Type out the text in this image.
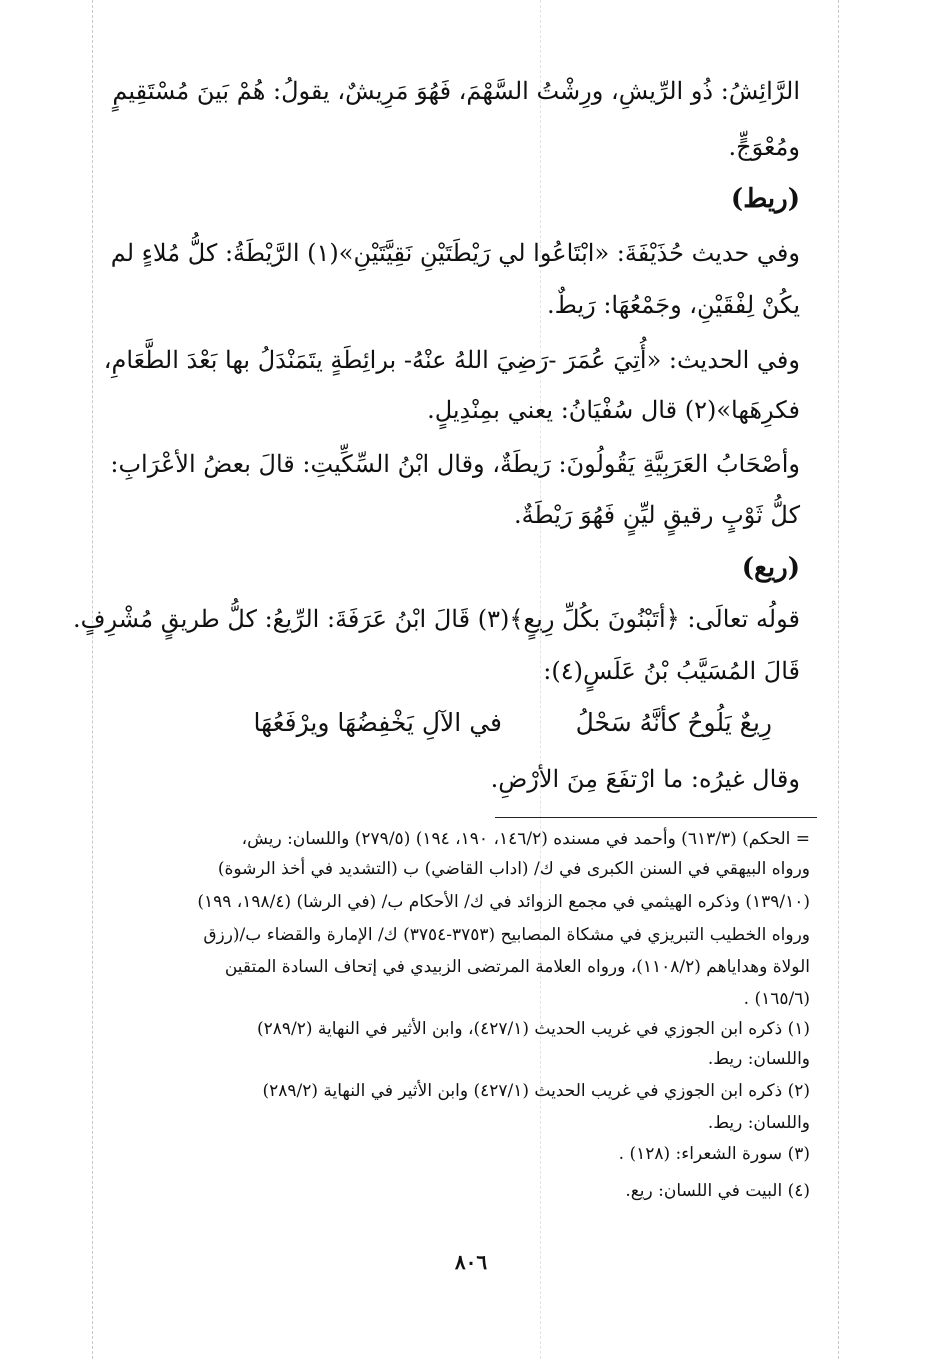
الرَّائِشُ: ذُو الرِّيشِ، ورِشْتُ السَّهْمَ، فَهُوَ مَرِيشٌ، يقولُ: هُمْ بَينَ مُسْتَقِيمٍ
ومُعْوَجٍّ.
(ريط)
وفي حديث حُذَيْفَةَ: «ابْتَاعُوا لي رَيْطَتَيْنِ نَقِيَّتَيْنِ»(١) الرَّيْطَةُ: كلُّ مُلاءٍ لم
يكُنْ لِفْقَيْنِ، وجَمْعُهَا: رَيطٌ.
وفي الحديث: «أُتِيَ عُمَرَ -رَضِيَ اللهُ عنْهُ- برائِطَةٍ يتَمَنْدَلُ بها بَعْدَ الطَّعَامِ،
فكرِهَها»(٢) قال سُفْيَانُ: يعني بمِنْدِيلٍ.
وأصْحَابُ العَرَبِيَّةِ يَقُولُونَ: رَيطَةٌ، وقال ابْنُ السِّكِّيتِ: قالَ بعضُ الأعْرَابِ:
كلُّ ثَوْبٍ رقيقٍ ليِّنٍ فَهُوَ رَيْطَةٌ.
(ريع)
قولُه تعالَى: ﴿أتَبْنُونَ بكُلِّ رِيعٍ﴾(٣) قَالَ ابْنُ عَرَفَةَ: الرِّيعُ: كلُّ طريقٍ مُشْرِفٍ.
قَالَ المُسَيَّبُ بْنُ عَلَسٍ(٤):
رِيعٌ يَلُوحُ كأنَّهُ سَحْلُ
في الآلِ يَخْفِضُهَا ويرْفَعُهَا
وقال غيرُه: ما ارْتفَعَ مِنَ الأرْضِ.
= الحكم) (٦١٣/٣) وأحمد في مسنده (١٤٦/٢، ١٩٠، ١٩٤) (٢٧٩/٥) واللسان: ريش،
ورواه البيهقي في السنن الكبرى في ك/ (اداب القاضي) ب (التشديد في أخذ الرشوة)
(١٣٩/١٠) وذكره الهيثمي في مجمع الزوائد في ك/ الأحكام ب/ (في الرشا) (١٩٨/٤، ١٩٩)
ورواه الخطيب التبريزي في مشكاة المصابيح (٣٧٥٣-٣٧٥٤) ك/ الإمارة والقضاء ب/(رزق
الولاة وهداياهم (١١٠٨/٢)، ورواه العلامة المرتضى الزبيدي في إتحاف السادة المتقين
(١٦٥/٦) .
(١) ذكره ابن الجوزي في غريب الحديث (٤٢٧/١)، وابن الأثير في النهاية (٢٨٩/٢)
واللسان: ريط.
(٢) ذكره ابن الجوزي في غريب الحديث (٤٢٧/١) وابن الأثير في النهاية (٢٨٩/٢)
واللسان: ريط.
(٣) سورة الشعراء: (١٢٨) .
(٤) البيت في اللسان: ريع.
٨٠٦
